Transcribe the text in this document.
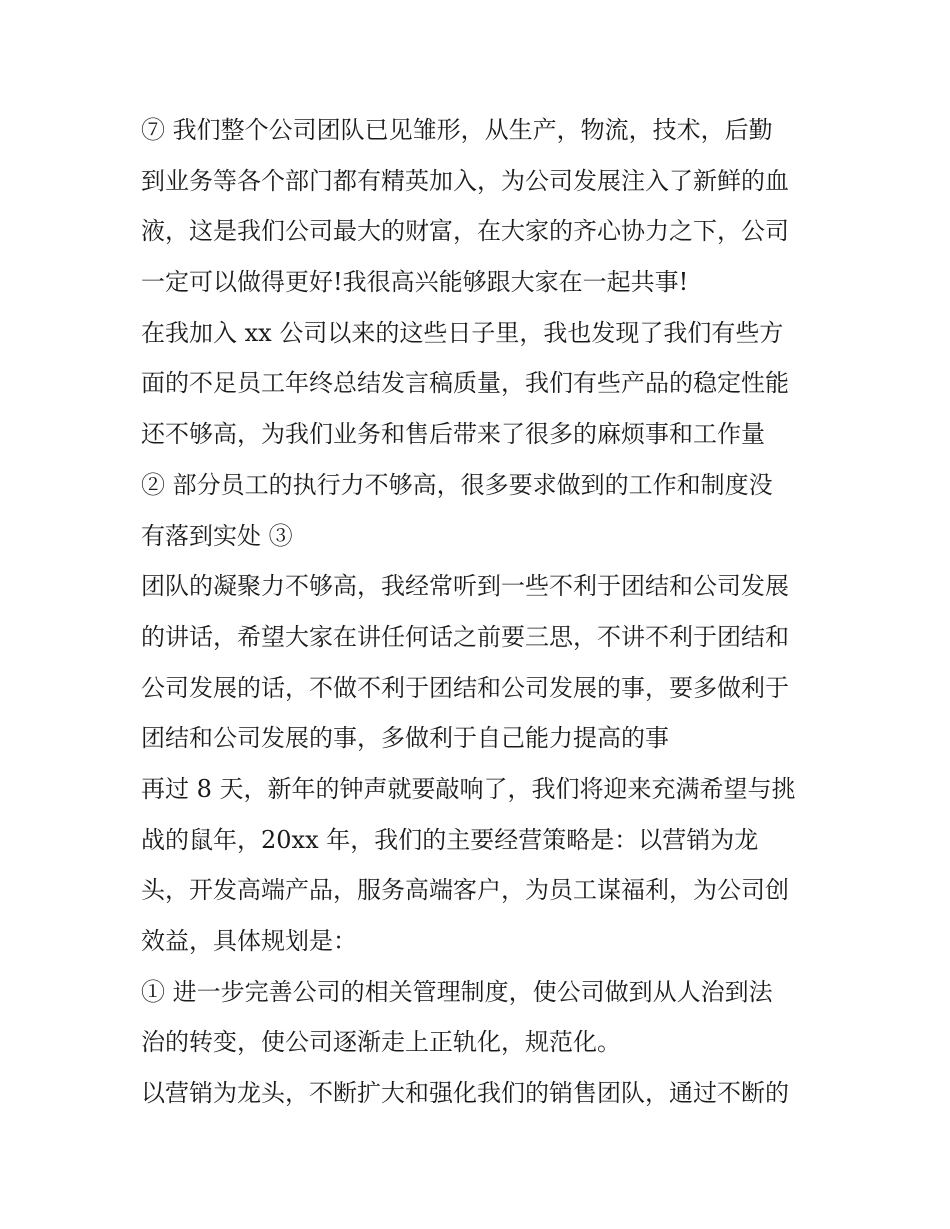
⑦ 我们整个公司团队已见雏形，从生产，物流，技术，后勤
到业务等各个部门都有精英加入，为公司发展注入了新鲜的血
液，这是我们公司最大的财富，在大家的齐心协力之下，公司
一定可以做得更好!我很高兴能够跟大家在一起共事!
在我加入 xx 公司以来的这些日子里，我也发现了我们有些方
面的不足员工年终总结发言稿质量，我们有些产品的稳定性能
还不够高，为我们业务和售后带来了很多的麻烦事和工作量
② 部分员工的执行力不够高，很多要求做到的工作和制度没
有落到实处 ③
团队的凝聚力不够高，我经常听到一些不利于团结和公司发展
的讲话，希望大家在讲任何话之前要三思，不讲不利于团结和
公司发展的话，不做不利于团结和公司发展的事，要多做利于
团结和公司发展的事，多做利于自己能力提高的事
再过 8 天，新年的钟声就要敲响了，我们将迎来充满希望与挑
战的鼠年，20xx 年，我们的主要经营策略是：以营销为龙
头，开发高端产品，服务高端客户，为员工谋福利，为公司创
效益，具体规划是：
① 进一步完善公司的相关管理制度，使公司做到从人治到法
治的转变，使公司逐渐走上正轨化，规范化。
以营销为龙头，不断扩大和强化我们的销售团队，通过不断的
